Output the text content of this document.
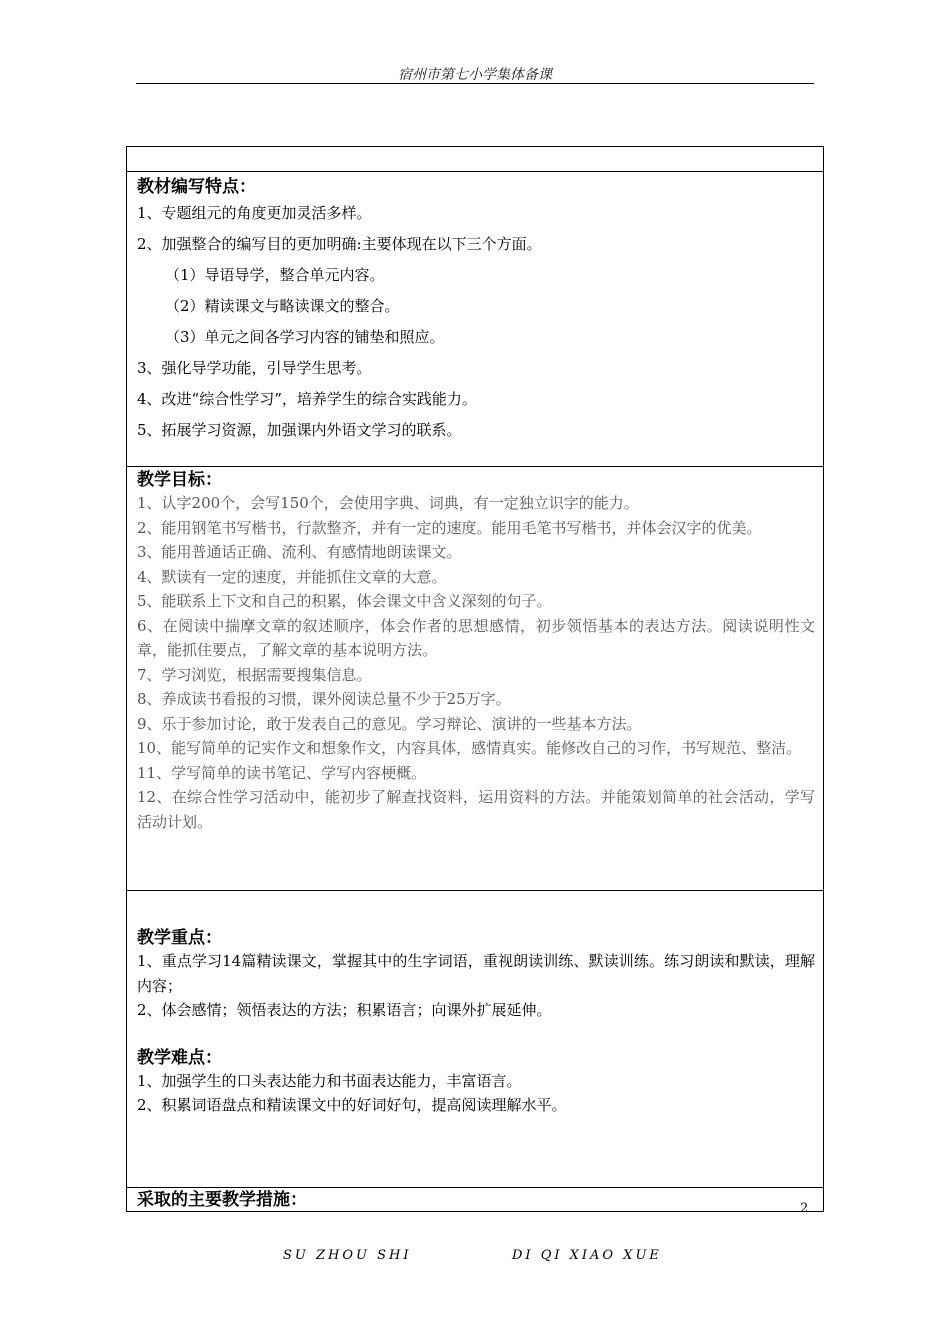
宿州市第七小学集体备课

教材编写特点：
1、专题组元的角度更加灵活多样。
2、加强整合的编写目的更加明确:主要体现在以下三个方面。
（1）导语导学，整合单元内容。
（2）精读课文与略读课文的整合。
（3）单元之间各学习内容的铺垫和照应。
3、强化导学功能，引导学生思考。
4、改进“综合性学习”，培养学生的综合实践能力。
5、拓展学习资源，加强课内外语文学习的联系。

教学目标：
1、认字200个，会写150个，会使用字典、词典，有一定独立识字的能力。
2、能用钢笔书写楷书，行款整齐，并有一定的速度。能用毛笔书写楷书，并体会汉字的优美。
3、能用普通话正确、流利、有感情地朗读课文。
4、默读有一定的速度，并能抓住文章的大意。
5、能联系上下文和自己的积累，体会课文中含义深刻的句子。
6、在阅读中揣摩文章的叙述顺序，体会作者的思想感情，初步领悟基本的表达方法。阅读说明性文章，能抓住要点，了解文章的基本说明方法。
7、学习浏览，根据需要搜集信息。
8、养成读书看报的习惯，课外阅读总量不少于25万字。
9、乐于参加讨论，敢于发表自己的意见。学习辩论、演讲的一些基本方法。
10、能写简单的记实作文和想象作文，内容具体，感情真实。能修改自己的习作，书写规范、整洁。
11、学写简单的读书笔记、学写内容梗概。
12、在综合性学习活动中，能初步了解查找资料，运用资料的方法。并能策划简单的社会活动，学写活动计划。

教学重点：
1、重点学习14篇精读课文，掌握其中的生字词语，重视朗读训练、默读训练。练习朗读和默读，理解内容；
2、体会感情；领悟表达的方法；积累语言；向课外扩展延伸。
教学难点：
1、加强学生的口头表达能力和书面表达能力，丰富语言。
2、积累词语盘点和精读课文中的好词好句，提高阅读理解水平。

采取的主要教学措施：	2
SU ZHOU SHI	DI QI XIAO XUE
